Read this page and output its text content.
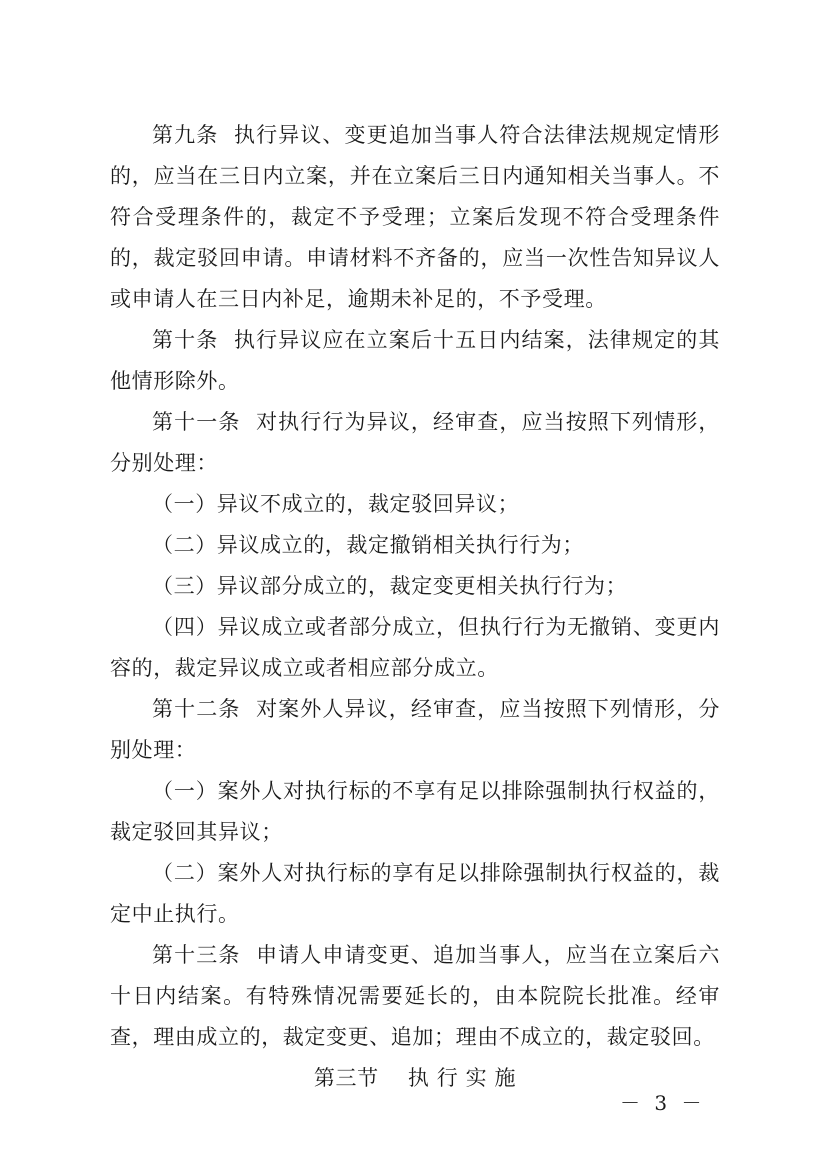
第九条 执行异议、变更追加当事人符合法律法规规定情形的，应当在三日内立案，并在立案后三日内通知相关当事人。不符合受理条件的，裁定不予受理；立案后发现不符合受理条件的，裁定驳回申请。申请材料不齐备的，应当一次性告知异议人或申请人在三日内补足，逾期未补足的，不予受理。

第十条 执行异议应在立案后十五日内结案，法律规定的其他情形除外。

第十一条 对执行行为异议，经审查，应当按照下列情形，分别处理：

（一）异议不成立的，裁定驳回异议；

（二）异议成立的，裁定撤销相关执行行为；

（三）异议部分成立的，裁定变更相关执行行为；

（四）异议成立或者部分成立，但执行行为无撤销、变更内容的，裁定异议成立或者相应部分成立。

第十二条 对案外人异议，经审查，应当按照下列情形，分别处理：

（一）案外人对执行标的不享有足以排除强制执行权益的，裁定驳回其异议；

（二）案外人对执行标的享有足以排除强制执行权益的，裁定中止执行。

第十三条 申请人申请变更、追加当事人，应当在立案后六十日内结案。有特殊情况需要延长的，由本院院长批准。经审查，理由成立的，裁定变更、追加；理由不成立的，裁定驳回。

第三节    执 行 实 施

－ 3 －
